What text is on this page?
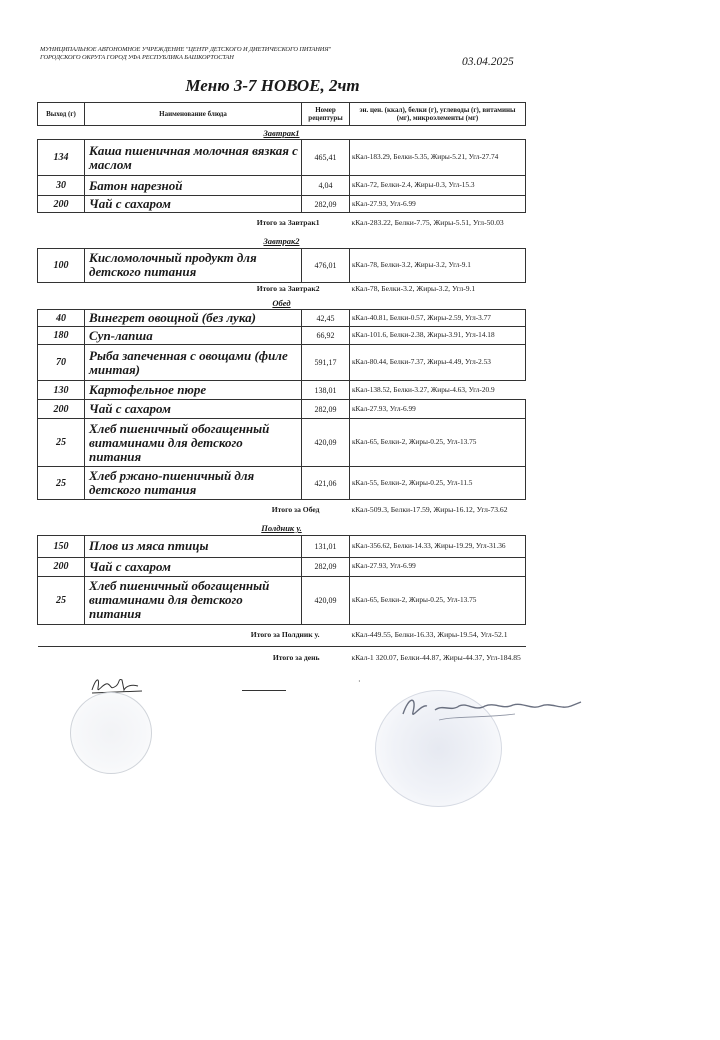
МУНИЦИПАЛЬНОЕ АВТОНОМНОЕ УЧРЕЖДЕНИЕ "ЦЕНТР ДЕТСКОГО И ДИЕТИЧЕСКОГО ПИТАНИЯ" ГОРОДСКОГО ОКРУГА ГОРОД УФА РЕСПУБЛИКА БАШКОРТОСТАН	03.04.2025
Меню 3-7 НОВОЕ, 2чт
Выход (г)	Наименование блюда	Номер рецептуры	эн. цен. (ккал), белки (г), углеводы (г), витамины (мг), микроэлементы (мг)
Завтрак1			
134	Каша пшеничная молочная вязкая с маслом	465,41	кКал-183.29, Белки-5.35, Жиры-5.21, Угл-27.74
30	Батон нарезной	4,04	кКал-72, Белки-2.4, Жиры-0.3, Угл-15.3
200	Чай с сахаром	282,09	кКал-27.93, Угл-6.99
Итого за Завтрак1			кКал-283.22, Белки-7.75, Жиры-5.51, Угл-50.03
Завтрак2			
100	Кисломолочный продукт для детского питания	476,01	кКал-78, Белки-3.2, Жиры-3.2, Угл-9.1
Итого за Завтрак2			кКал-78, Белки-3.2, Жиры-3.2, Угл-9.1
Обед			
40	Винегрет овощной (без лука)	42,45	кКал-40.81, Белки-0.57, Жиры-2.59, Угл-3.77
180	Суп-лапша	66,92	кКал-101.6, Белки-2.38, Жиры-3.91, Угл-14.18
70	Рыба запеченная с овощами (филе минтая)	591,17	кКал-80.44, Белки-7.37, Жиры-4.49, Угл-2.53
130	Картофельное пюре	138,01	кКал-138.52, Белки-3.27, Жиры-4.63, Угл-20.9
200	Чай с сахаром	282,09	кКал-27.93, Угл-6.99
25	Хлеб пшеничный обогащенный витаминами для детского питания	420,09	кКал-65, Белки-2, Жиры-0.25, Угл-13.75
25	Хлеб ржано-пшеничный для детского питания	421,06	кКал-55, Белки-2, Жиры-0.25, Угл-11.5
Итого за Обед			кКал-509.3, Белки-17.59, Жиры-16.12, Угл-73.62
Полдник у.			
150	Плов из мяса птицы	131,01	кКал-356.62, Белки-14.33, Жиры-19.29, Угл-31.36
200	Чай с сахаром	282,09	кКал-27.93, Угл-6.99
25	Хлеб пшеничный обогащенный витаминами для детского питания	420,09	кКал-65, Белки-2, Жиры-0.25, Угл-13.75
Итого за Полдник у.			кКал-449.55, Белки-16.33, Жиры-19.54, Угл-52.1
Итого за день			кКал-1 320.07, Белки-44.87, Жиры-44.37, Угл-184.85
·
